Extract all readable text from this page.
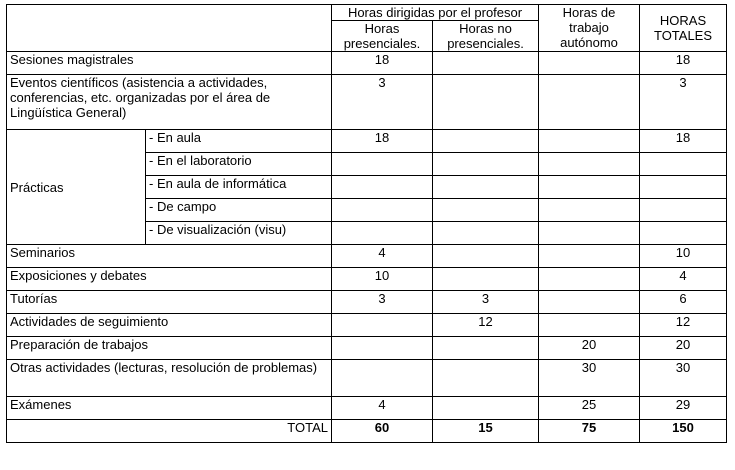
		Horas dirigidas por el profesor		Horas de trabajo autónomo	HORAS TOTALES
		Horas presenciales.	Horas no presenciales.		
Sesiones magistrales		18			18
Eventos científicos (asistencia a actividades, conferencias, etc. organizadas por el área de Lingüística General)		3			3
Prácticas	- En aula	18			18
	- En el laboratorio				
	- En aula de informática				
	- De campo				
	- De visualización (visu)				
Seminarios		4			10
Exposiciones y debates		10			4
Tutorías		3	3		6
Actividades de seguimiento			12		12
Preparación de trabajos				20	20
Otras actividades (lecturas, resolución de problemas)				30	30
Exámenes		4		25	29
TOTAL		60	15	75	150
